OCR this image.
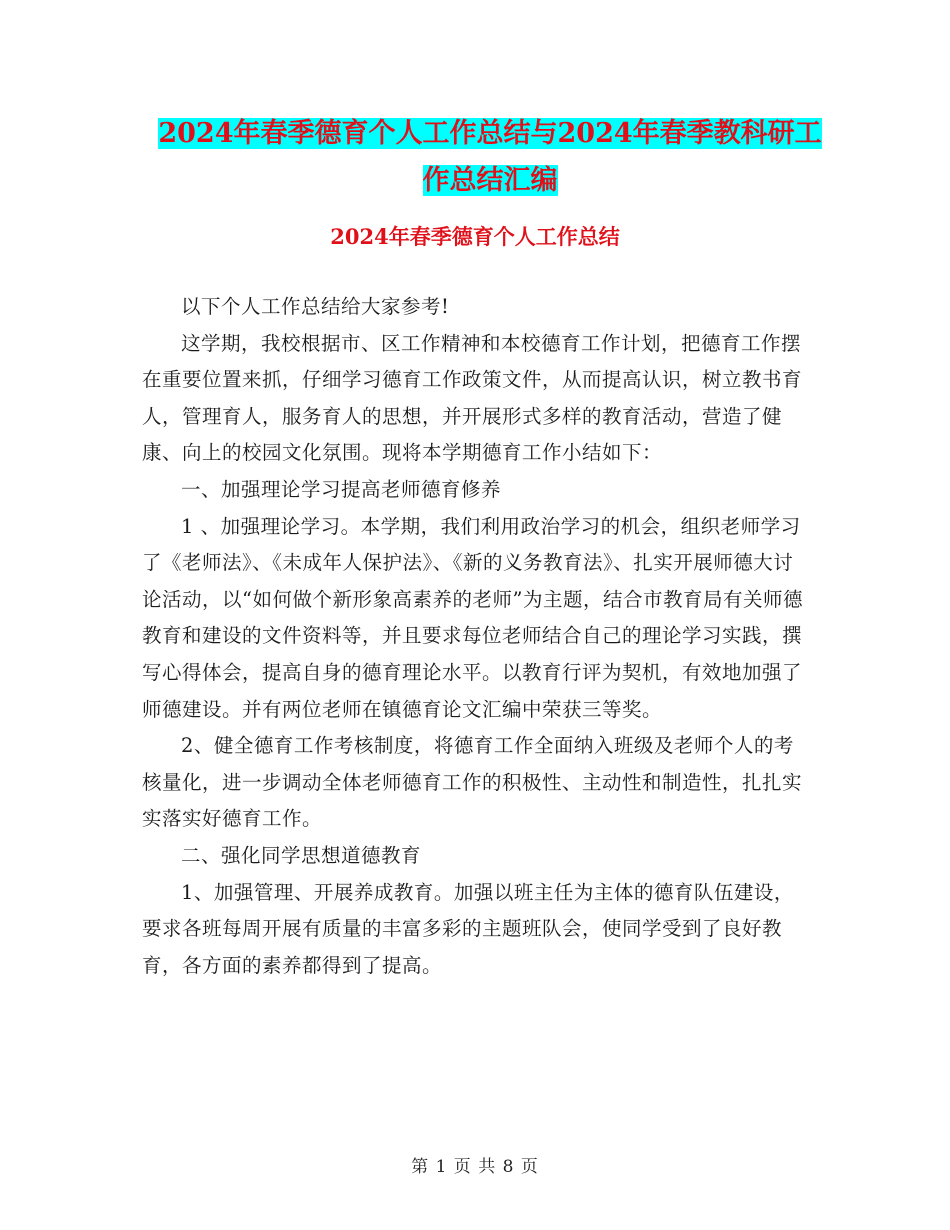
2024年春季德育个人工作总结与2024年春季教科研工
作总结汇编
2024年春季德育个人工作总结

以下个人工作总结给大家参考!

这学期，我校根据市、区工作精神和本校德育工作计划，把德育工作摆在重要位置来抓，仔细学习德育工作政策文件，从而提高认识，树立教书育人，管理育人，服务育人的思想，并开展形式多样的教育活动，营造了健康、向上的校园文化氛围。现将本学期德育工作小结如下：

一、加强理论学习提高老师德育修养

1 、加强理论学习。本学期，我们利用政治学习的机会，组织老师学习了《老师法》、《未成年人保护法》、《新的义务教育法》、扎实开展师德大讨论活动，以“如何做个新形象高素养的老师”为主题，结合市教育局有关师德教育和建设的文件资料等，并且要求每位老师结合自己的理论学习实践，撰写心得体会，提高自身的德育理论水平。以教育行评为契机，有效地加强了师德建设。并有两位老师在镇德育论文汇编中荣获三等奖。

2、健全德育工作考核制度，将德育工作全面纳入班级及老师个人的考核量化，进一步调动全体老师德育工作的积极性、主动性和制造性，扎扎实实落实好德育工作。

二、强化同学思想道德教育

1、加强管理、开展养成教育。加强以班主任为主体的德育队伍建设，要求各班每周开展有质量的丰富多彩的主题班队会，使同学受到了良好教育，各方面的素养都得到了提高。

第 1 页 共 8 页
